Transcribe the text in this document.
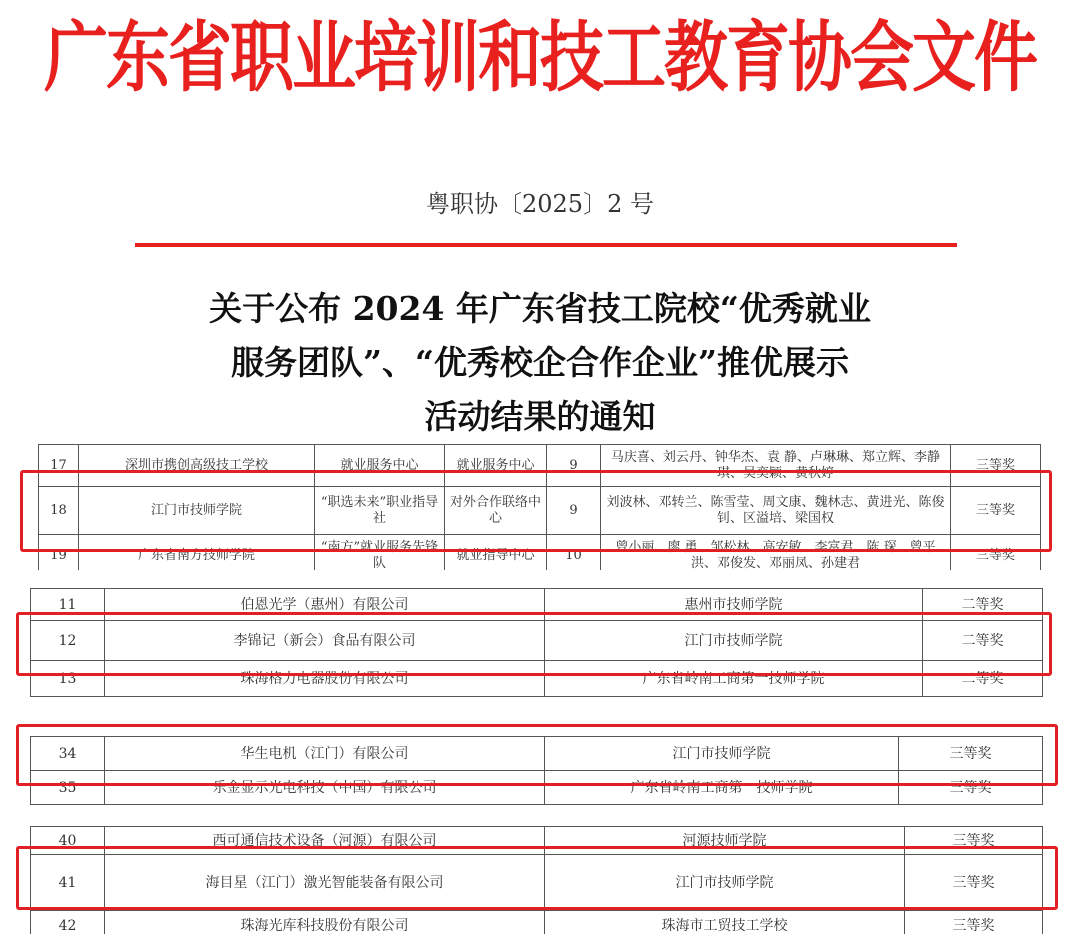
广东省职业培训和技工教育协会文件
粤职协〔2025〕2 号
关于公布 2024 年广东省技工院校“优秀就业
服务团队”、“优秀校企合作企业”推优展示
活动结果的通知
17	深圳市携创高级技工学校	就业服务中心	就业服务中心	9	马庆喜、刘云丹、钟华杰、袁 静、卢琳琳、郑立辉、李静琪、吴奕颖、黄秋婷	三等奖
18	江门市技师学院	“职选未来”职业指导社	对外合作联络中心	9	刘波林、邓转兰、陈雪莹、周文康、魏林志、黄进光、陈俊钊、区溢培、梁国权	三等奖
19	广东省南方技师学院	“南方”就业服务先锋队	就业指导中心	10	曾小丽、廖 勇、邹松林、高安敏、李富君、陈 琛、曾平洪、邓俊发、邓丽凤、孙建君	三等奖
11	伯恩光学（惠州）有限公司	惠州市技师学院	二等奖
12	李锦记（新会）食品有限公司	江门市技师学院	二等奖
13	珠海格力电器股份有限公司	广东省岭南工商第一技师学院	二等奖
34	华生电机（江门）有限公司	江门市技师学院	三等奖
35	乐金显示光电科技（中国）有限公司	广东省岭南工商第一技师学院	三等奖
40	西可通信技术设备（河源）有限公司	河源技师学院	三等奖
41	海目星（江门）激光智能装备有限公司	江门市技师学院	三等奖
42	珠海光库科技股份有限公司	珠海市工贸技工学校	三等奖
